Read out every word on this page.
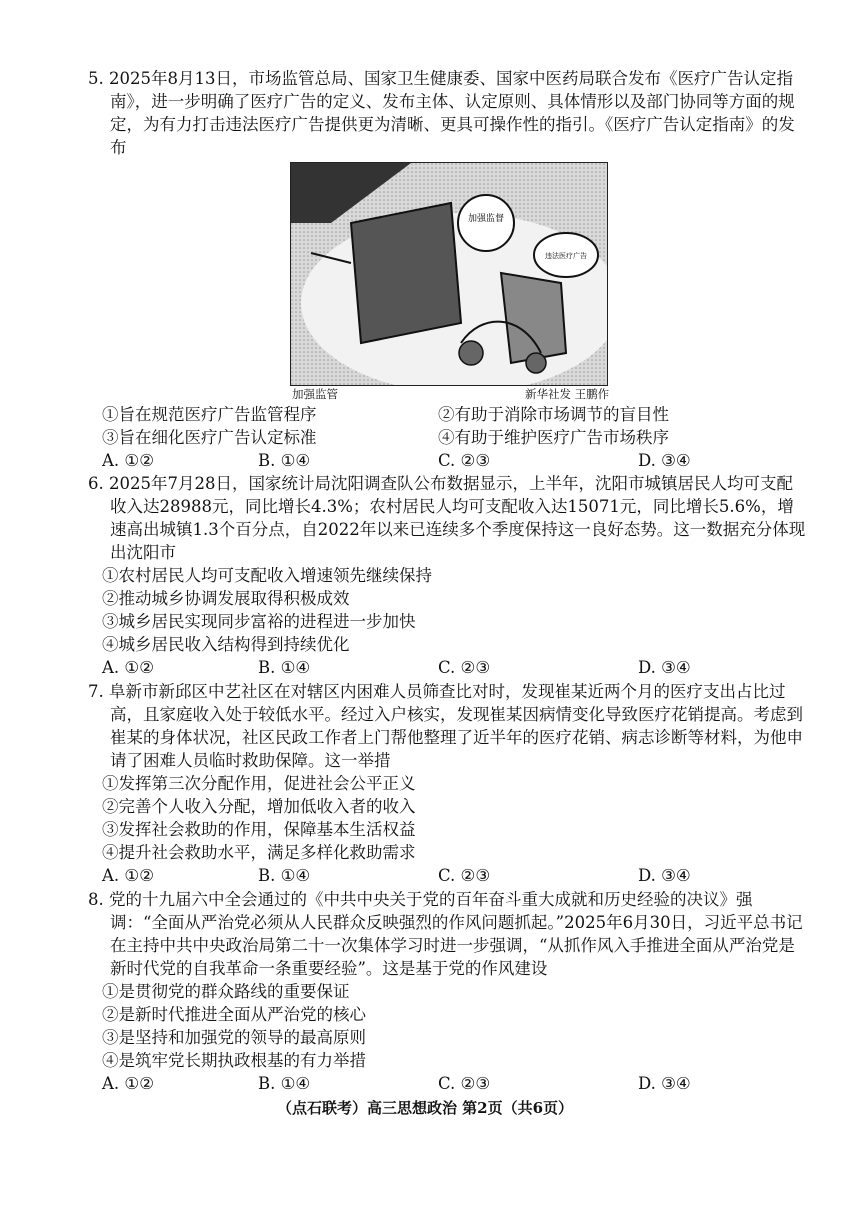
5. 2025年8月13日，市场监管总局、国家卫生健康委、国家中医药局联合发布《医疗广告认定指南》，进一步明确了医疗广告的定义、发布主体、认定原则、具体情形以及部门协同等方面的规定，为有力打击违法医疗广告提供更为清晰、更具可操作性的指引。《医疗广告认定指南》的发布

加强监督
违法医疗广告
加强监管	新华社发 王鹏作
①旨在规范医疗广告监管程序	②有助于消除市场调节的盲目性
③旨在细化医疗广告认定标准	④有助于维护医疗广告市场秩序
A. ①②	B. ①④	C. ②③	D. ③④

6. 2025年7月28日，国家统计局沈阳调查队公布数据显示，上半年，沈阳市城镇居民人均可支配收入达28988元，同比增长4.3%；农村居民人均可支配收入达15071元，同比增长5.6%，增速高出城镇1.3个百分点，自2022年以来已连续多个季度保持这一良好态势。这一数据充分体现出沈阳市

①农村居民人均可支配收入增速领先继续保持

②推动城乡协调发展取得积极成效

③城乡居民实现同步富裕的进程进一步加快

④城乡居民收入结构得到持续优化

A. ①②	B. ①④	C. ②③	D. ③④

7. 阜新市新邱区中艺社区在对辖区内困难人员筛查比对时，发现崔某近两个月的医疗支出占比过高，且家庭收入处于较低水平。经过入户核实，发现崔某因病情变化导致医疗花销提高。考虑到崔某的身体状况，社区民政工作者上门帮他整理了近半年的医疗花销、病志诊断等材料，为他申请了困难人员临时救助保障。这一举措

①发挥第三次分配作用，促进社会公平正义

②完善个人收入分配，增加低收入者的收入

③发挥社会救助的作用，保障基本生活权益

④提升社会救助水平，满足多样化救助需求

A. ①②	B. ①④	C. ②③	D. ③④

8. 党的十九届六中全会通过的《中共中央关于党的百年奋斗重大成就和历史经验的决议》强调：“全面从严治党必须从人民群众反映强烈的作风问题抓起。”2025年6月30日，习近平总书记在主持中共中央政治局第二十一次集体学习时进一步强调，“从抓作风入手推进全面从严治党是新时代党的自我革命一条重要经验”。这是基于党的作风建设

①是贯彻党的群众路线的重要保证

②是新时代推进全面从严治党的核心

③是坚持和加强党的领导的最高原则

④是筑牢党长期执政根基的有力举措

A. ①②	B. ①④	C. ②③	D. ③④
（点石联考）高三思想政治 第2页（共6页）
